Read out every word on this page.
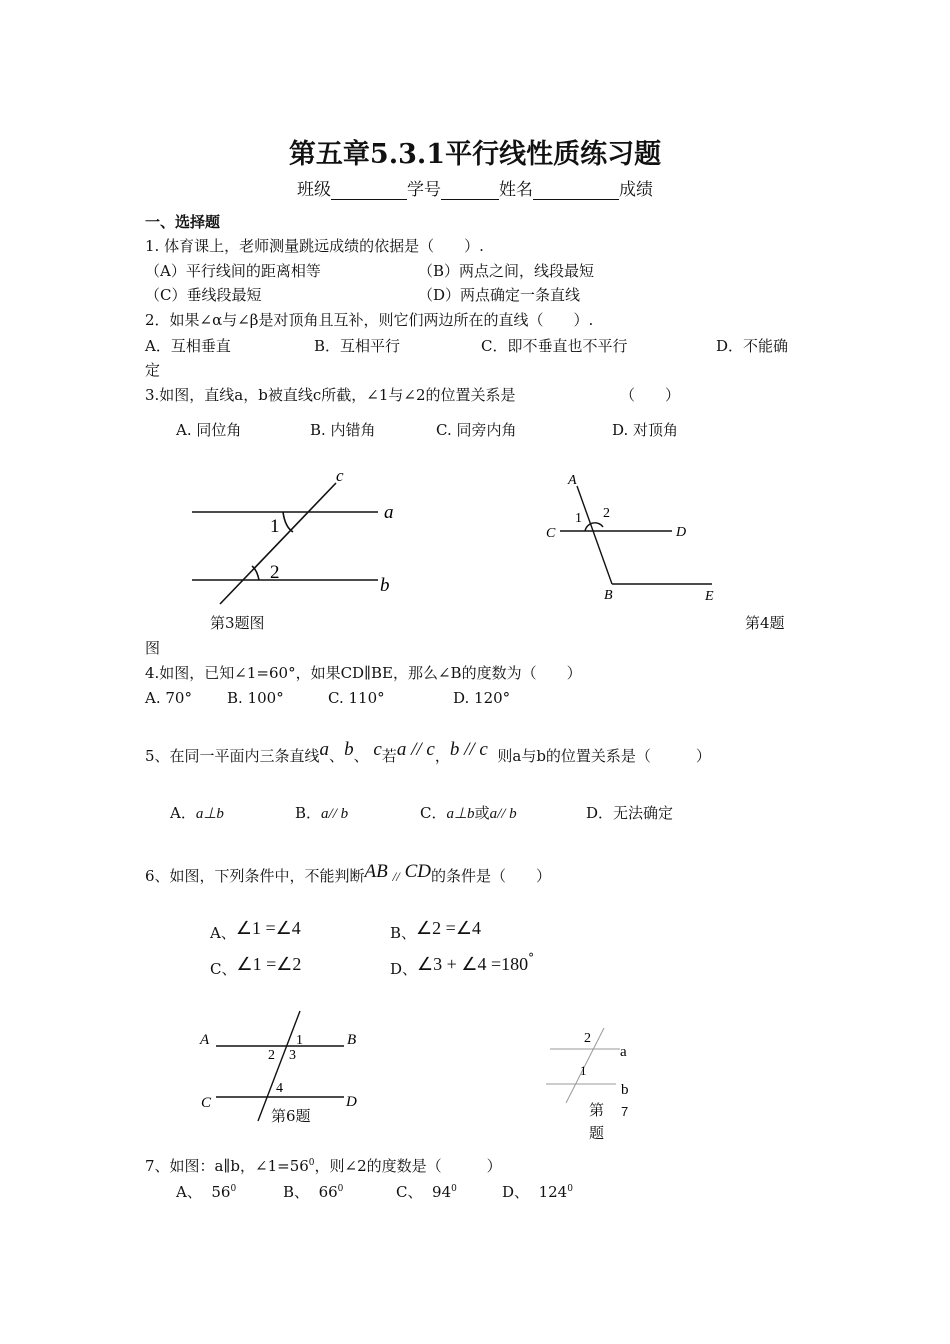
第五章5.3.1平行线性质练习题
班级	学号	姓名	成绩
一、选择题
1. 体育课上，老师测量跳远成绩的依据是（　　）.
（A）平行线间的距离相等	（B）两点之间，线段最短
（C）垂线段最短	（D）两点确定一条直线
2．如果∠α与∠β是对顶角且互补，则它们两边所在的直线（　　）.
A．互相垂直	B．互相平行	C．即不垂直也不平行	D．不能确
定
3.如图，直线a，b被直线c所截，∠1与∠2的位置关系是	（　　）
A. 同位角	B. 内错角	C. 同旁内角	D. 对顶角
c
a
b
1
2
A
C
1 2
D
B	E
A	1	B
2 3
C
4
D
2
a
1
b
第3题图	第4题
图
4.如图，已知∠1=60°，如果CD∥BE，那么∠B的度数为（　　）
A. 70° B. 100°	C. 110°	D. 120°
5、在同一平面内三条直线a、b、 c若a // c，b // c 则a与b的位置关系是（　　　）
A．a⊥b	B．a// b	C．a⊥b或a// b	D．无法确定
6、如图，下列条件中，不能判断AB // CD的条件是（　　）
A、∠1 =∠4	B、∠2 =∠4
C、∠1 =∠2	D、∠3 + ∠4 =180°
第6题	第 7
题
7、如图：a∥b，$\angle 1=56^0$，则∠2的度数是（　　　）
A、 $56^0$	B、 $66^0$	C、 $94^0$	D、 $124^0$
